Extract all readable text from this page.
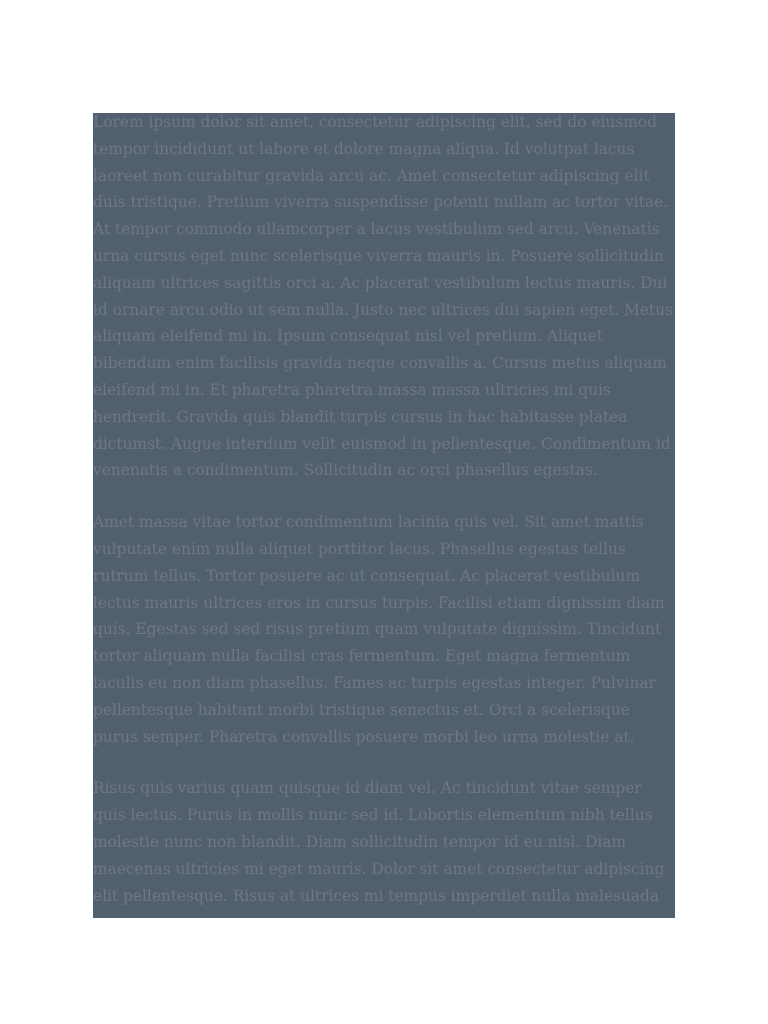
Lorem ipsum dolor sit amet, consectetur adipiscing elit, sed do eiusmod tempor incididunt ut labore et dolore magna aliqua. Id volutpat lacus laoreet non curabitur gravida arcu ac. Amet consectetur adipiscing elit duis tristique. Pretium viverra suspendisse potenti nullam ac tortor vitae. At tempor commodo ullamcorper a lacus vestibulum sed arcu. Venenatis urna cursus eget nunc scelerisque viverra mauris in. Posuere sollicitudin aliquam ultrices sagittis orci a. Ac placerat vestibulum lectus mauris. Dui id ornare arcu odio ut sem nulla. Justo nec ultrices dui sapien eget. Metus aliquam eleifend mi in. Ipsum consequat nisl vel pretium. Aliquet bibendum enim facilisis gravida neque convallis a. Cursus metus aliquam eleifend mi in. Et pharetra pharetra massa massa ultricies mi quis hendrerit. Gravida quis blandit turpis cursus in hac habitasse platea dictumst. Augue interdum velit euismod in pellentesque. Condimentum id venenatis a condimentum. Sollicitudin ac orci phasellus egestas.

Amet massa vitae tortor condimentum lacinia quis vel. Sit amet mattis vulputate enim nulla aliquet porttitor lacus. Phasellus egestas tellus rutrum tellus. Tortor posuere ac ut consequat. Ac placerat vestibulum lectus mauris ultrices eros in cursus turpis. Facilisi etiam dignissim diam quis. Egestas sed sed risus pretium quam vulputate dignissim. Tincidunt tortor aliquam nulla facilisi cras fermentum. Eget magna fermentum iaculis eu non diam phasellus. Fames ac turpis egestas integer. Pulvinar pellentesque habitant morbi tristique senectus et. Orci a scelerisque purus semper. Pharetra convallis posuere morbi leo urna molestie at.

Risus quis varius quam quisque id diam vel. Ac tincidunt vitae semper quis lectus. Purus in mollis nunc sed id. Lobortis elementum nibh tellus molestie nunc non blandit. Diam sollicitudin tempor id eu nisl. Diam maecenas ultricies mi eget mauris. Dolor sit amet consectetur adipiscing elit pellentesque. Risus at ultrices mi tempus imperdiet nulla malesuada
